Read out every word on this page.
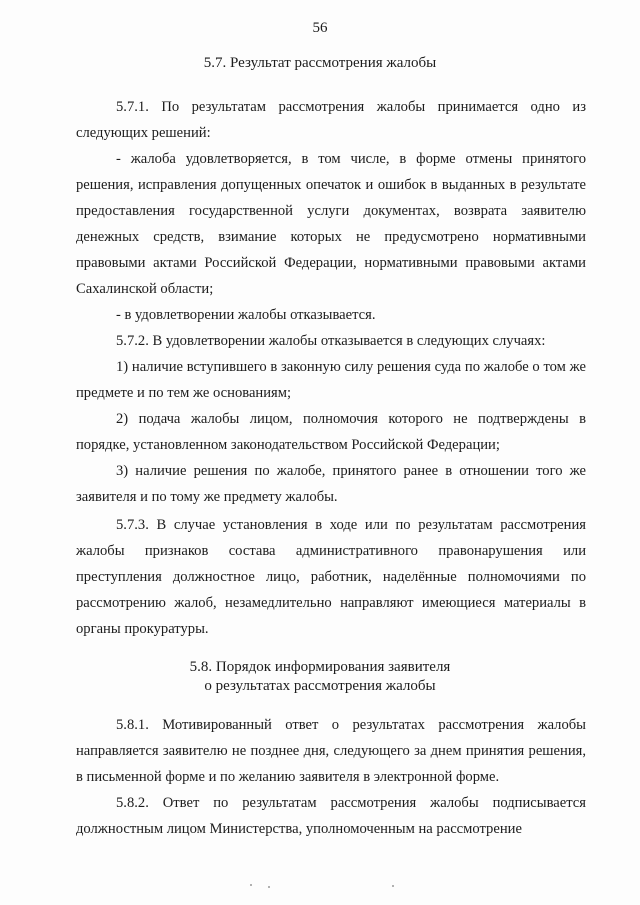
56
5.7. Результат рассмотрения жалобы

5.7.1. По результатам рассмотрения жалобы принимается одно из следующих решений:

- жалоба удовлетворяется, в том числе, в форме отмены принятого решения, исправления допущенных опечаток и ошибок в выданных в результате предоставления государственной услуги документах, возврата заявителю денежных средств, взимание которых не предусмотрено нормативными правовыми актами Российской Федерации, нормативными правовыми актами Сахалинской области;

- в удовлетворении жалобы отказывается.

5.7.2. В удовлетворении жалобы отказывается в следующих случаях:

1) наличие вступившего в законную силу решения суда по жалобе о том же предмете и по тем же основаниям;

2) подача жалобы лицом, полномочия которого не подтверждены в порядке, установленном законодательством Российской Федерации;

3) наличие решения по жалобе, принятого ранее в отношении того же заявителя и по тому же предмету жалобы.

5.7.3. В случае установления в ходе или по результатам рассмотрения жалобы признаков состава административного правонарушения или преступления должностное лицо, работник, наделённые полномочиями по рассмотрению жалоб, незамедлительно направляют имеющиеся материалы в органы прокуратуры.

5.8. Порядок информирования заявителя
о результатах рассмотрения жалобы

5.8.1. Мотивированный ответ о результатах рассмотрения жалобы направляется заявителю не позднее дня, следующего за днем принятия решения, в письменной форме и по желанию заявителя в электронной форме.

5.8.2. Ответ по результатам рассмотрения жалобы подписывается должностным лицом Министерства, уполномоченным на рассмотрение
